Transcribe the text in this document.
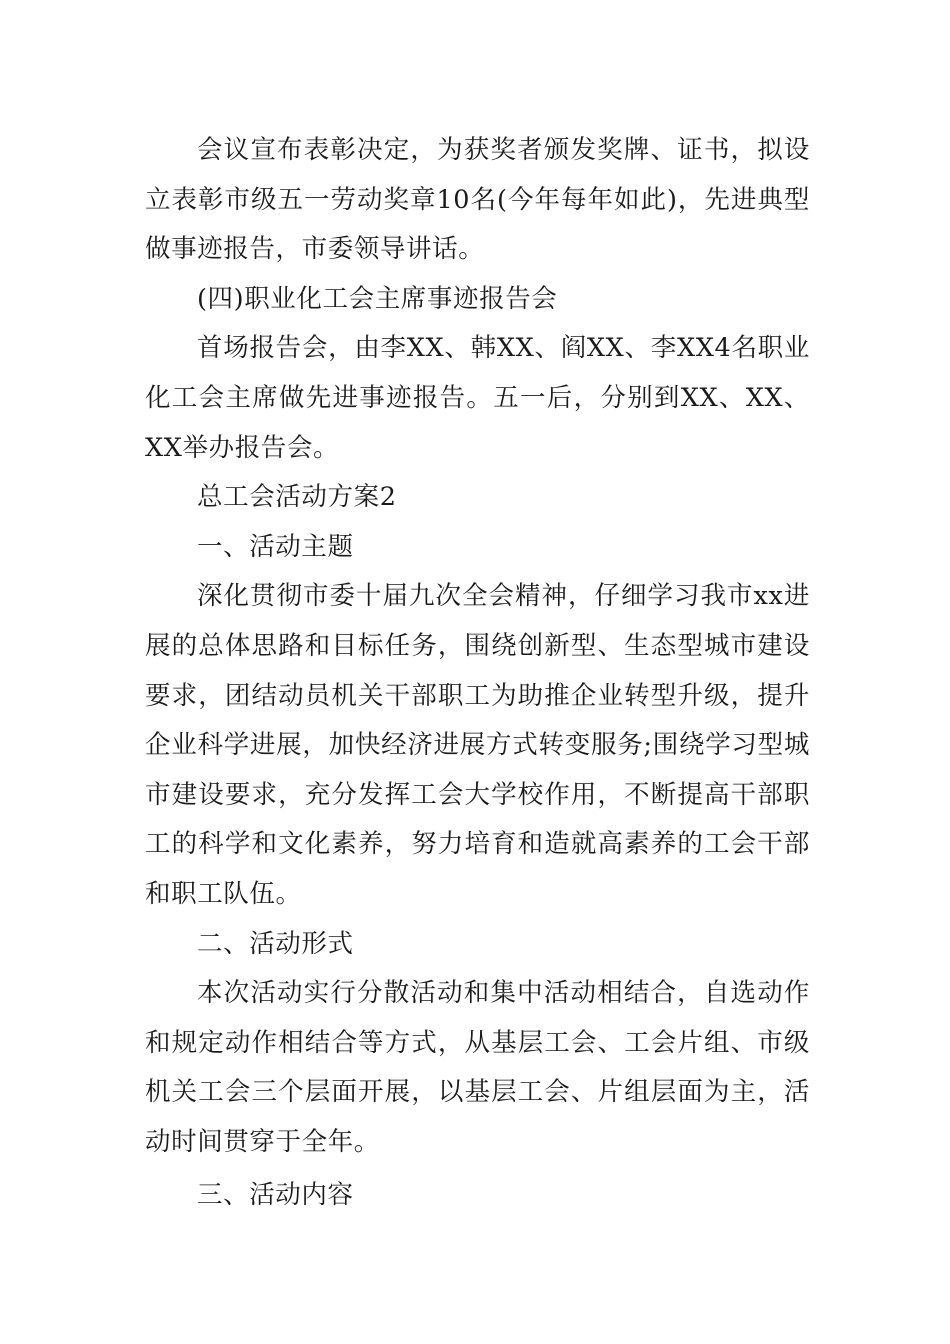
会议宣布表彰决定，为获奖者颁发奖牌、证书，拟设立表彰市级五一劳动奖章10名(今年每年如此)，先进典型做事迹报告，市委领导讲话。

(四)职业化工会主席事迹报告会

首场报告会，由李XX、韩XX、阎XX、李XX4名职业化工会主席做先进事迹报告。五一后，分别到XX、XX、XX举办报告会。

总工会活动方案2

一、活动主题

深化贯彻市委十届九次全会精神，仔细学习我市xx进展的总体思路和目标任务，围绕创新型、生态型城市建设要求，团结动员机关干部职工为助推企业转型升级，提升企业科学进展，加快经济进展方式转变服务;围绕学习型城市建设要求，充分发挥工会大学校作用，不断提高干部职工的科学和文化素养，努力培育和造就高素养的工会干部和职工队伍。

二、活动形式

本次活动实行分散活动和集中活动相结合，自选动作和规定动作相结合等方式，从基层工会、工会片组、市级机关工会三个层面开展，以基层工会、片组层面为主，活动时间贯穿于全年。

三、活动内容
